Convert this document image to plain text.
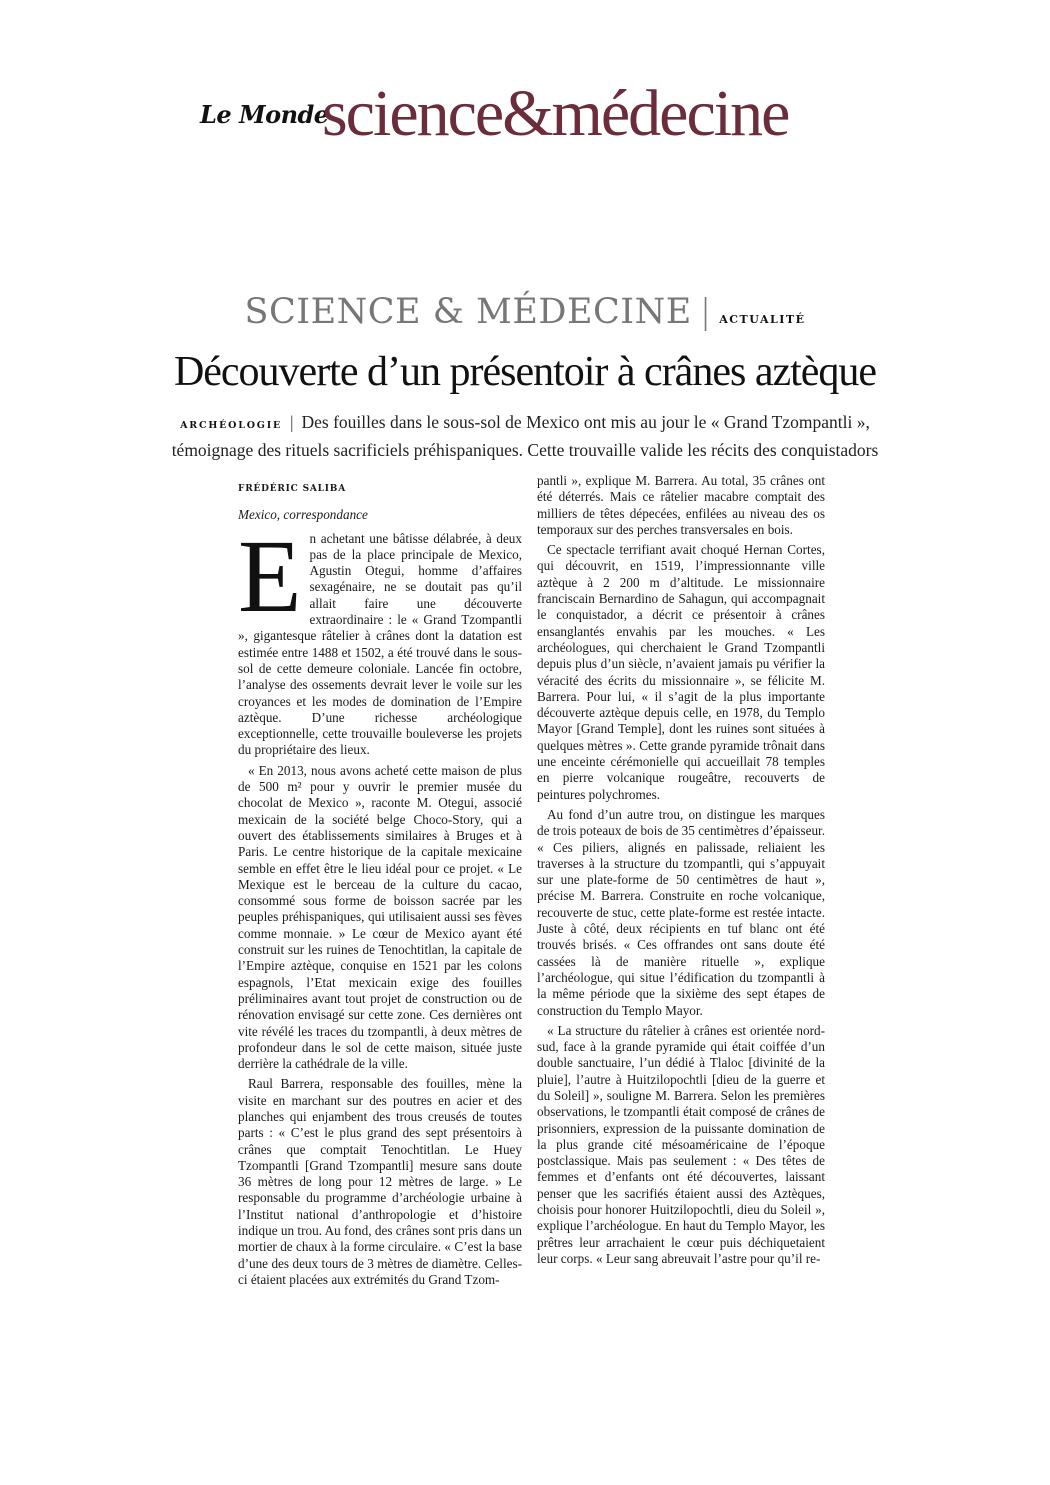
Le Monde
science&médecine
SCIENCE & MÉDECINE | ACTUALITÉ
Découverte d’un présentoir à crânes aztèque
ARCHÉOLOGIE | Des fouilles dans le sous-sol de Mexico ont mis au jour le « Grand Tzompantli », témoignage des rituels sacrificiels préhispaniques. Cette trouvaille valide les récits des conquistadors
FRÉDÉRIC SALIBA
Mexico, correspondance

En achetant une bâtisse délabrée, à deux pas de la place principale de Mexico, Agustin Otegui, homme d’affaires sexagénaire, ne se doutait pas qu’il allait faire une découverte extraordinaire : le « Grand Tzompantli », gigantesque râtelier à crânes dont la datation est estimée entre 1488 et 1502, a été trouvé dans le sous-sol de cette demeure coloniale. Lancée fin octobre, l’analyse des ossements devrait lever le voile sur les croyances et les modes de domination de l’Empire aztèque. D’une richesse archéologique exceptionnelle, cette trouvaille bouleverse les projets du propriétaire des lieux.

« En 2013, nous avons acheté cette maison de plus de 500 m² pour y ouvrir le premier musée du chocolat de Mexico », raconte M. Otegui, associé mexicain de la société belge Choco-Story, qui a ouvert des établissements similaires à Bruges et à Paris. Le centre historique de la capitale mexicaine semble en effet être le lieu idéal pour ce projet. « Le Mexique est le berceau de la culture du cacao, consommé sous forme de boisson sacrée par les peuples préhispaniques, qui utilisaient aussi ses fèves comme monnaie. » Le cœur de Mexico ayant été construit sur les ruines de Tenochtitlan, la capitale de l’Empire aztèque, conquise en 1521 par les colons espagnols, l’Etat mexicain exige des fouilles préliminaires avant tout projet de construction ou de rénovation envisagé sur cette zone. Ces dernières ont vite révélé les traces du tzompantli, à deux mètres de profondeur dans le sol de cette maison, située juste derrière la cathédrale de la ville.

Raul Barrera, responsable des fouilles, mène la visite en marchant sur des poutres en acier et des planches qui enjambent des trous creusés de toutes parts : « C’est le plus grand des sept présentoirs à crânes que comptait Tenochtitlan. Le Huey Tzompantli [Grand Tzompantli] mesure sans doute 36 mètres de long pour 12 mètres de large. » Le responsable du programme d’archéologie urbaine à l’Institut national d’anthropologie et d’histoire indique un trou. Au fond, des crânes sont pris dans un mortier de chaux à la forme circulaire. « C’est la base d’une des deux tours de 3 mètres de diamètre. Celles-ci étaient placées aux extrémités du Grand Tzom-

pantli », explique M. Barrera. Au total, 35 crânes ont été déterrés. Mais ce râtelier macabre comptait des milliers de têtes dépecées, enfilées au niveau des os temporaux sur des perches transversales en bois.

Ce spectacle terrifiant avait choqué Hernan Cortes, qui découvrit, en 1519, l’impressionnante ville aztèque à 2 200 m d’altitude. Le missionnaire franciscain Bernardino de Sahagun, qui accompagnait le conquistador, a décrit ce présentoir à crânes ensanglantés envahis par les mouches. « Les archéologues, qui cherchaient le Grand Tzompantli depuis plus d’un siècle, n’avaient jamais pu vérifier la véracité des écrits du missionnaire », se félicite M. Barrera. Pour lui, « il s’agit de la plus importante découverte aztèque depuis celle, en 1978, du Templo Mayor [Grand Temple], dont les ruines sont situées à quelques mètres ». Cette grande pyramide trônait dans une enceinte cérémonielle qui accueillait 78 temples en pierre volcanique rougeâtre, recouverts de peintures polychromes.

Au fond d’un autre trou, on distingue les marques de trois poteaux de bois de 35 centimètres d’épaisseur. « Ces piliers, alignés en palissade, reliaient les traverses à la structure du tzompantli, qui s’appuyait sur une plate-forme de 50 centimètres de haut », précise M. Barrera. Construite en roche volcanique, recouverte de stuc, cette plate-forme est restée intacte. Juste à côté, deux récipients en tuf blanc ont été trouvés brisés. « Ces offrandes ont sans doute été cassées là de manière rituelle », explique l’archéologue, qui situe l’édification du tzompantli à la même période que la sixième des sept étapes de construction du Templo Mayor.

« La structure du râtelier à crânes est orientée nord-sud, face à la grande pyramide qui était coiffée d’un double sanctuaire, l’un dédié à Tlaloc [divinité de la pluie], l’autre à Huitzilopochtli [dieu de la guerre et du Soleil] », souligne M. Barrera. Selon les premières observations, le tzompantli était composé de crânes de prisonniers, expression de la puissante domination de la plus grande cité mésoaméricaine de l’époque postclassique. Mais pas seulement : « Des têtes de femmes et d’enfants ont été découvertes, laissant penser que les sacrifiés étaient aussi des Aztèques, choisis pour honorer Huitzilopochtli, dieu du Soleil », explique l’archéologue. En haut du Templo Mayor, les prêtres leur arrachaient le cœur puis déchiquetaient leur corps. « Leur sang abreuvait l’astre pour qu’il re-
